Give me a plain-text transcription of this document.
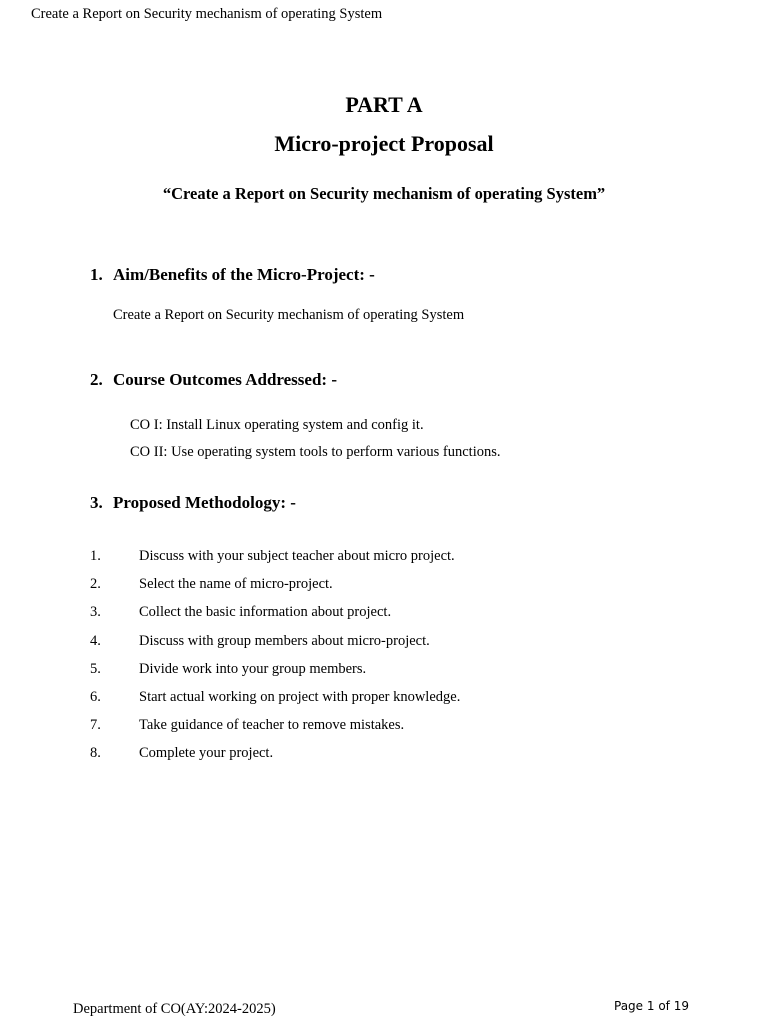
Create a Report on Security mechanism of operating System
PART A
Micro-project Proposal
“Create a Report on Security mechanism of operating System”
1. Aim/Benefits of the Micro-Project: -
Create a Report on Security mechanism of operating System
2. Course Outcomes Addressed: -
CO I: Install Linux operating system and config it.
CO II: Use operating system tools to perform various functions.
3. Proposed Methodology: -
1.	Discuss with your subject teacher about micro project.
2.	Select the name of micro-project.
3.	Collect the basic information about project.
4.	Discuss with group members about micro-project.
5.	Divide work into your group members.
6.	Start actual working on project with proper knowledge.
7.	Take guidance of teacher to remove mistakes.
8.	Complete your project.
Department of CO(AY:2024-2025)	Page 1 of 19
